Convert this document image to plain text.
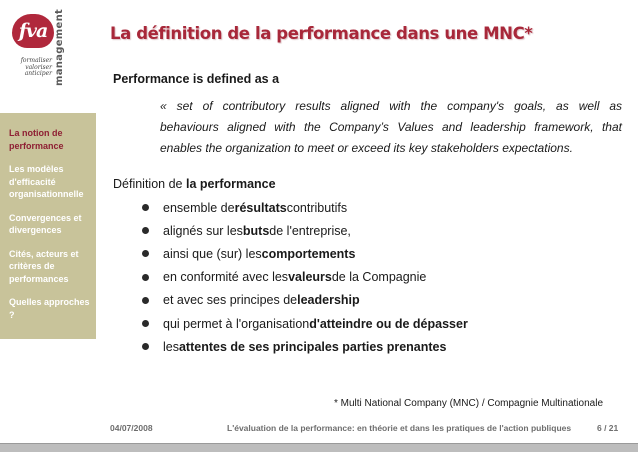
fva management
formaliser
valoriser
anticiper
La définition de la performance dans une MNC*
La notion de performance
Les modèles d'efficacité organisationnelle
Convergences et divergences
Cités, acteurs et critères de performances
Quelles approches ?

Performance is defined as a

« set of contributory results aligned with the company's goals, as well as
behaviours aligned with the Company’s Values and leadership framework, that
enables the organization to meet or exceed its key stakeholders expectations.

Définition de la performance

ensemble de résultats contributifs
alignés sur les buts de l'entreprise,
ainsi que (sur) les comportements
en conformité avec les valeurs de la Compagnie
et avec ses principes de leadership
qui permet à l'organisation d'atteindre ou de dépasser
les attentes de ses principales parties prenantes

* Multi National Company (MNC) / Compagnie Multinationale

04/07/2008	L'évaluation de la performance: en théorie et dans les pratiques de l'action publiques	6 / 21
